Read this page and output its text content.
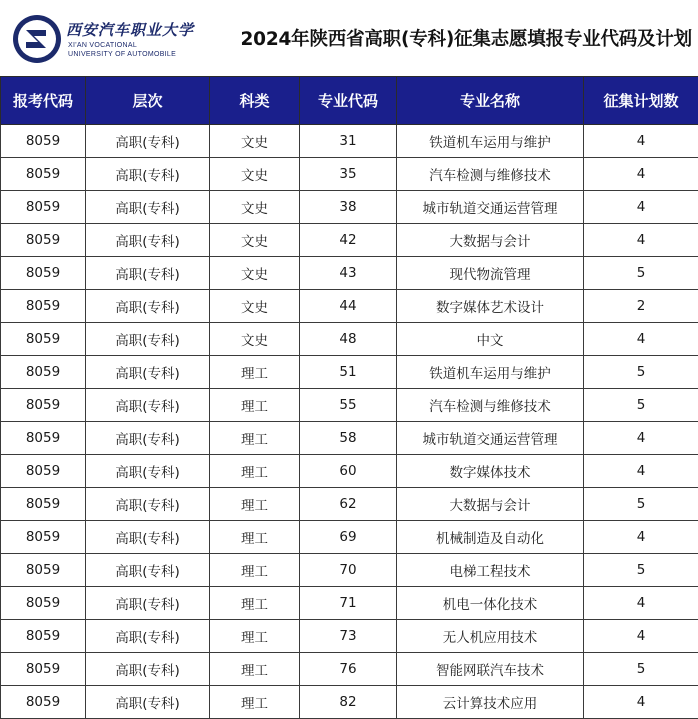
西安汽车职业大学
XI'AN VOCATIONAL
UNIVERSITY OF AUTOMOBILE
2024年陕西省高职(专科)征集志愿填报专业代码及计划
报考代码	层次	科类	专业代码	专业名称	征集计划数
8059	高职(专科)	文史	31	铁道机车运用与维护	4
8059	高职(专科)	文史	35	汽车检测与维修技术	4
8059	高职(专科)	文史	38	城市轨道交通运营管理	4
8059	高职(专科)	文史	42	大数据与会计	4
8059	高职(专科)	文史	43	现代物流管理	5
8059	高职(专科)	文史	44	数字媒体艺术设计	2
8059	高职(专科)	文史	48	中文	4
8059	高职(专科)	理工	51	铁道机车运用与维护	5
8059	高职(专科)	理工	55	汽车检测与维修技术	5
8059	高职(专科)	理工	58	城市轨道交通运营管理	4
8059	高职(专科)	理工	60	数字媒体技术	4
8059	高职(专科)	理工	62	大数据与会计	5
8059	高职(专科)	理工	69	机械制造及自动化	4
8059	高职(专科)	理工	70	电梯工程技术	5
8059	高职(专科)	理工	71	机电一体化技术	4
8059	高职(专科)	理工	73	无人机应用技术	4
8059	高职(专科)	理工	76	智能网联汽车技术	5
8059	高职(专科)	理工	82	云计算技术应用	4
